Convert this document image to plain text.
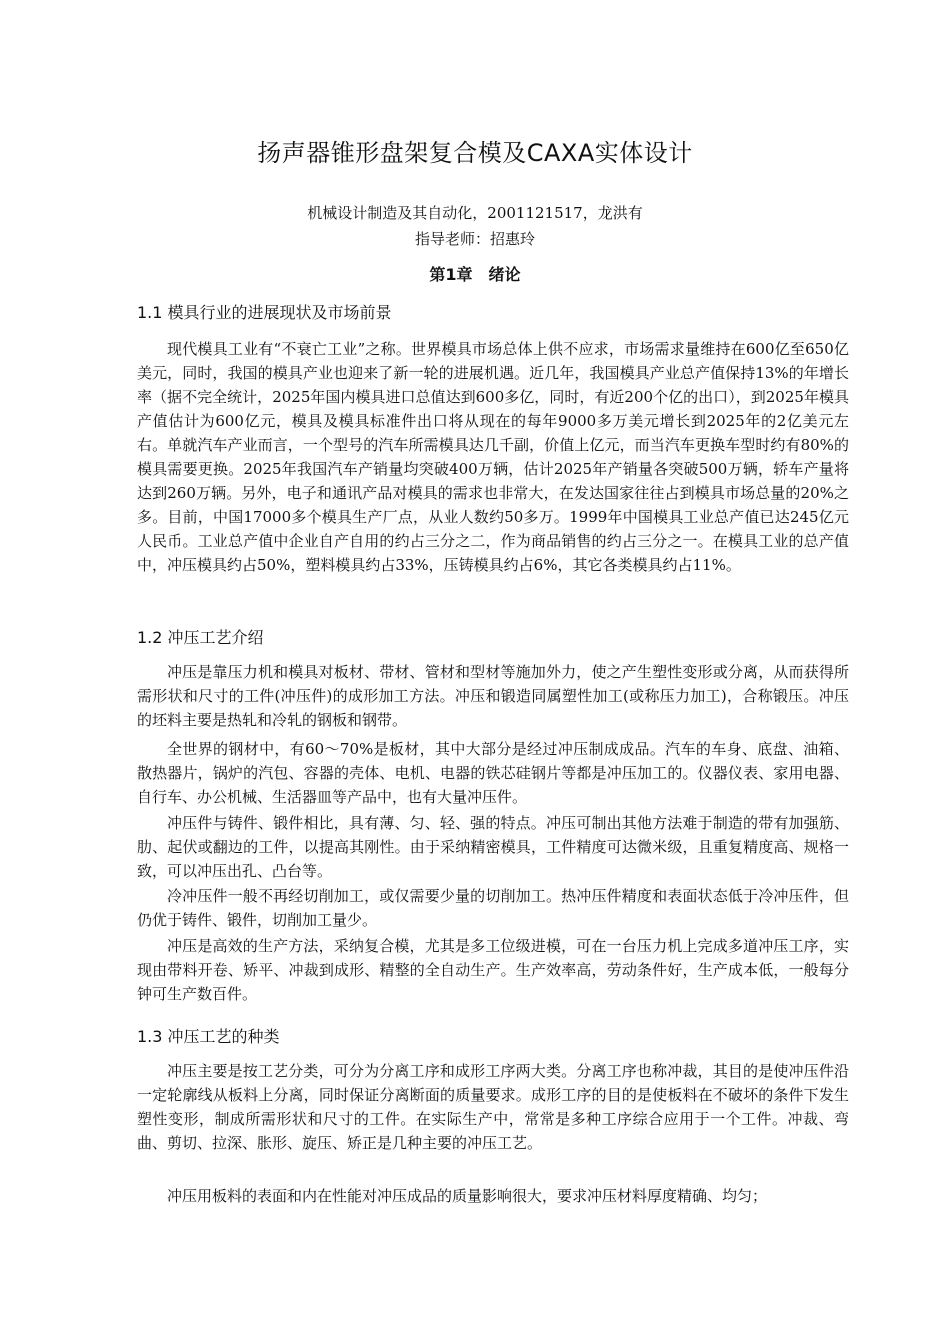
扬声器锥形盘架复合模及CAXA实体设计
机械设计制造及其自动化，2001121517，龙洪有
指导老师：招惠玲
第1章　绪论
1.1 模具行业的进展现状及市场前景

现代模具工业有“不衰亡工业”之称。世界模具市场总体上供不应求，市场需求量维持在600亿至650亿美元，同时，我国的模具产业也迎来了新一轮的进展机遇。近几年，我国模具产业总产值保持13%的年增长率（据不完全统计，2025年国内模具进口总值达到600多亿，同时，有近200个亿的出口），到2025年模具产值估计为600亿元，模具及模具标准件出口将从现在的每年9000多万美元增长到2025年的2亿美元左右。单就汽车产业而言，一个型号的汽车所需模具达几千副，价值上亿元，而当汽车更换车型时约有80%的模具需要更换。2025年我国汽车产销量均突破400万辆，估计2025年产销量各突破500万辆，轿车产量将达到260万辆。另外，电子和通讯产品对模具的需求也非常大，在发达国家往往占到模具市场总量的20%之多。目前，中国17000多个模具生产厂点，从业人数约50多万。1999年中国模具工业总产值已达245亿元人民币。工业总产值中企业自产自用的约占三分之二，作为商品销售的约占三分之一。在模具工业的总产值中，冲压模具约占50%，塑料模具约占33%，压铸模具约占6%，其它各类模具约占11%。

1.2 冲压工艺介绍

冲压是靠压力机和模具对板材、带材、管材和型材等施加外力，使之产生塑性变形或分离，从而获得所需形状和尺寸的工件(冲压件)的成形加工方法。冲压和锻造同属塑性加工(或称压力加工)，合称锻压。冲压的坯料主要是热轧和冷轧的钢板和钢带。

全世界的钢材中，有60～70%是板材，其中大部分是经过冲压制成成品。汽车的车身、底盘、油箱、散热器片，锅炉的汽包、容器的壳体、电机、电器的铁芯硅钢片等都是冲压加工的。仪器仪表、家用电器、自行车、办公机械、生活器皿等产品中，也有大量冲压件。

冲压件与铸件、锻件相比，具有薄、匀、轻、强的特点。冲压可制出其他方法难于制造的带有加强筋、肋、起伏或翻边的工件，以提高其刚性。由于采纳精密模具，工件精度可达微米级，且重复精度高、规格一致，可以冲压出孔、凸台等。

冷冲压件一般不再经切削加工，或仅需要少量的切削加工。热冲压件精度和表面状态低于冷冲压件，但仍优于铸件、锻件，切削加工量少。

冲压是高效的生产方法，采纳复合模，尤其是多工位级进模，可在一台压力机上完成多道冲压工序，实现由带料开卷、矫平、冲裁到成形、精整的全自动生产。生产效率高，劳动条件好，生产成本低，一般每分钟可生产数百件。

1.3 冲压工艺的种类

冲压主要是按工艺分类，可分为分离工序和成形工序两大类。分离工序也称冲裁，其目的是使冲压件沿一定轮廓线从板料上分离，同时保证分离断面的质量要求。成形工序的目的是使板料在不破坏的条件下发生塑性变形，制成所需形状和尺寸的工件。在实际生产中，常常是多种工序综合应用于一个工件。冲裁、弯曲、剪切、拉深、胀形、旋压、矫正是几种主要的冲压工艺。

冲压用板料的表面和内在性能对冲压成品的质量影响很大，要求冲压材料厚度精确、均匀；
